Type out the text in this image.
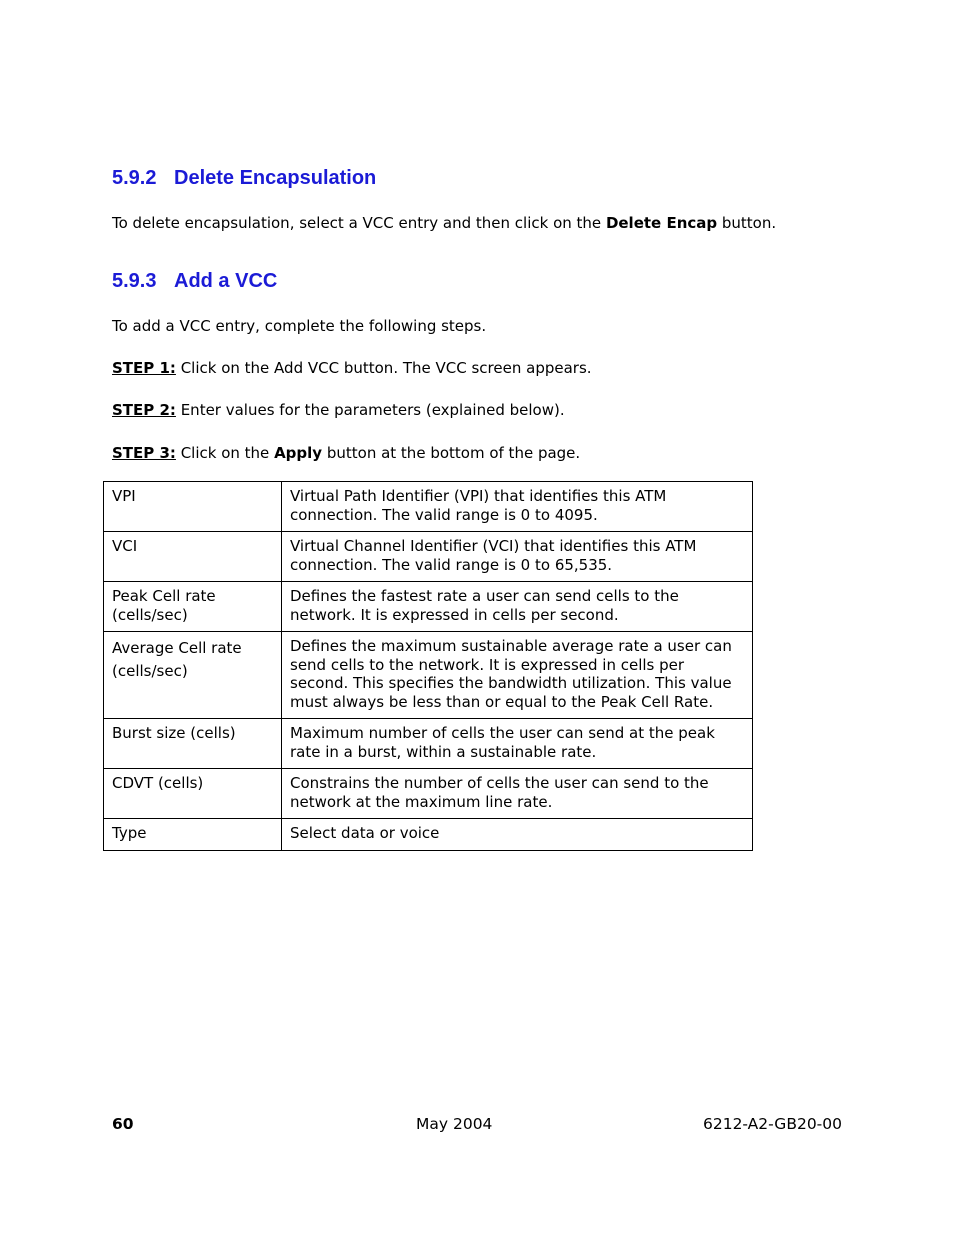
5.9.2 Delete Encapsulation

To delete encapsulation, select a VCC entry and then click on the Delete Encap button.

5.9.3 Add a VCC

To add a VCC entry, complete the following steps.

STEP 1: Click on the Add VCC button. The VCC screen appears.

STEP 2: Enter values for the parameters (explained below).

STEP 3: Click on the Apply button at the bottom of the page.

VPI	Virtual Path Identifier (VPI) that identifies this ATM connection. The valid range is 0 to 4095.
VCI	Virtual Channel Identifier (VCI) that identifies this ATM connection. The valid range is 0 to 65,535.
Peak Cell rate (cells/sec)	Defines the fastest rate a user can send cells to the network. It is expressed in cells per second.
Average Cell rate (cells/sec)	Defines the maximum sustainable average rate a user can send cells to the network. It is expressed in cells per second. This specifies the bandwidth utilization. This value must always be less than or equal to the Peak Cell Rate.
Burst size (cells)	Maximum number of cells the user can send at the peak rate in a burst, within a sustainable rate.
CDVT (cells)	Constrains the number of cells the user can send to the network at the maximum line rate.
Type	Select data or voice

60	May 2004	6212-A2-GB20-00
